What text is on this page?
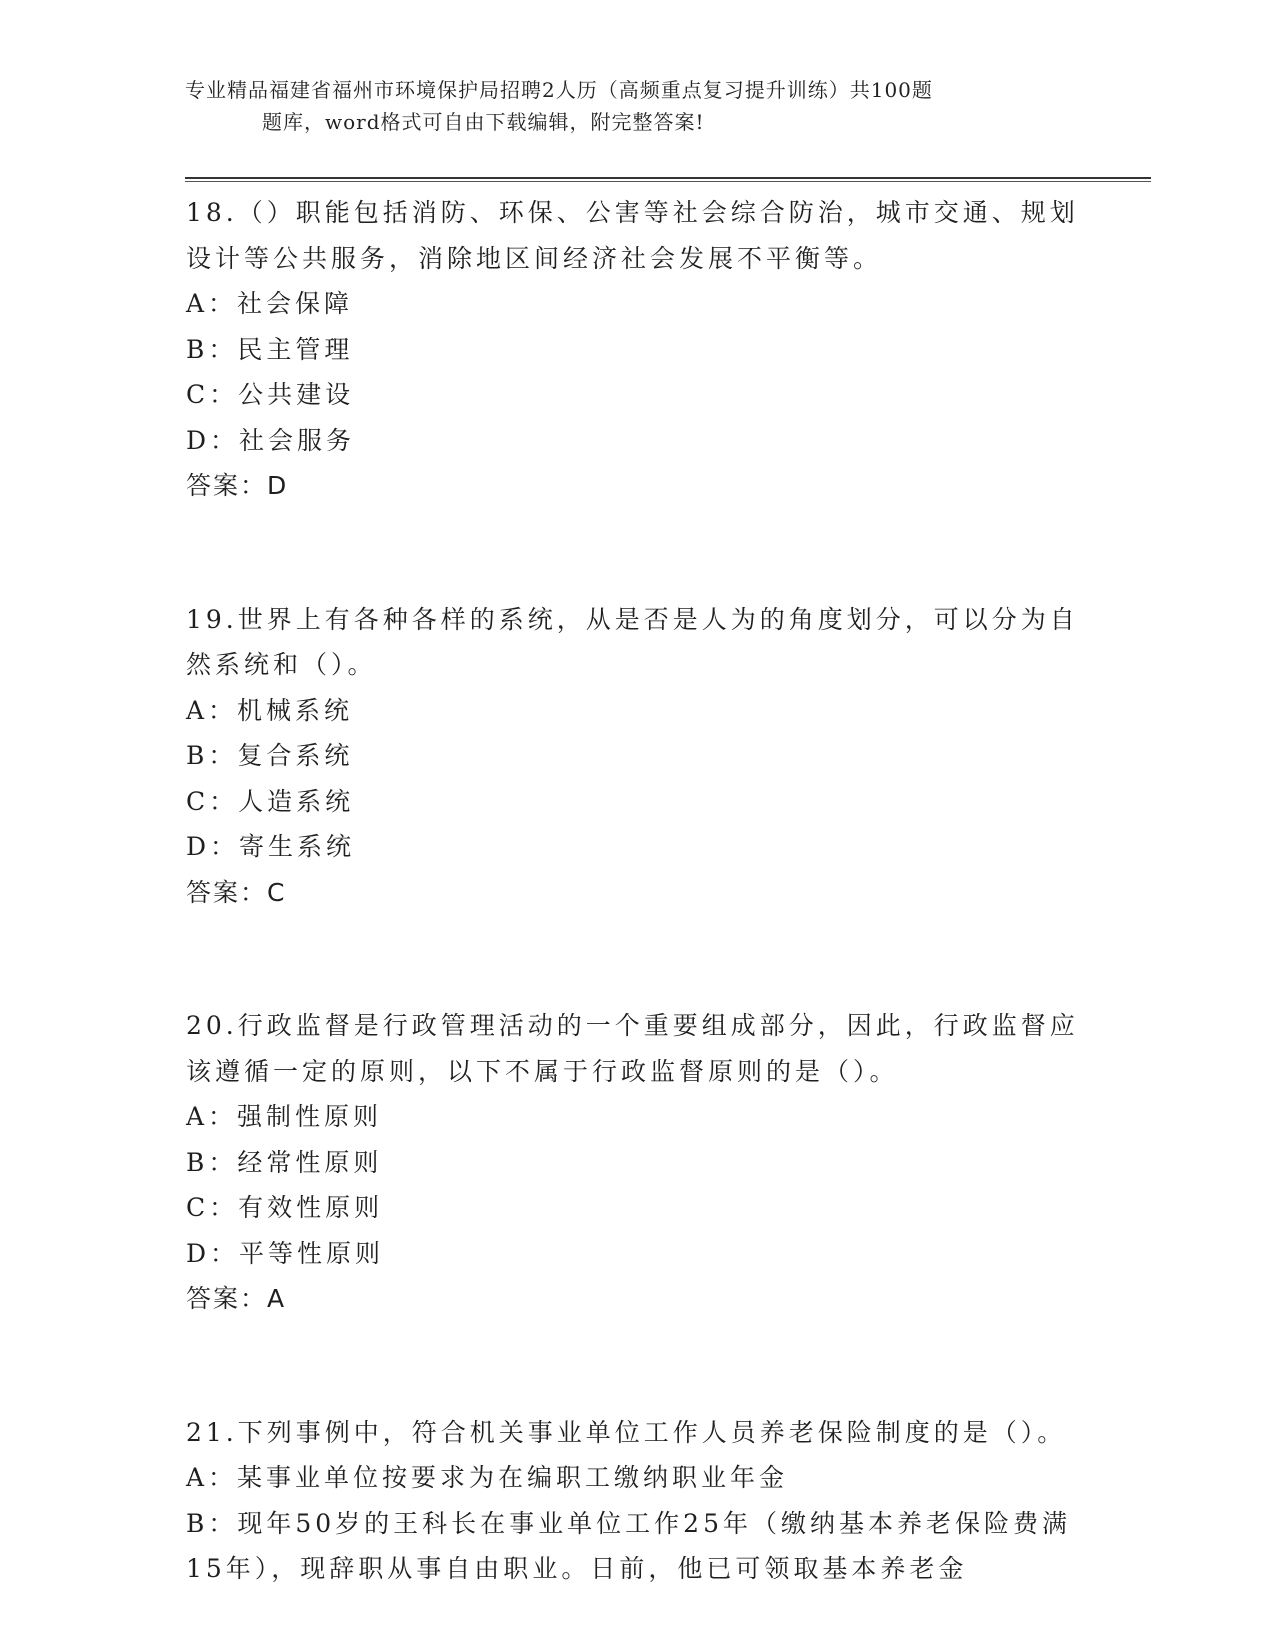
专业精品福建省福州市环境保护局招聘2人历（高频重点复习提升训练）共100题
题库，word格式可自由下载编辑，附完整答案!
18.（）职能包括消防、环保、公害等社会综合防治，城市交通、规划
设计等公共服务，消除地区间经济社会发展不平衡等。
A：社会保障
B：民主管理
C：公共建设
D：社会服务
答案：D
19.世界上有各种各样的系统，从是否是人为的角度划分，可以分为自
然系统和（）。
A：机械系统
B：复合系统
C：人造系统
D：寄生系统
答案：C
20.行政监督是行政管理活动的一个重要组成部分，因此，行政监督应
该遵循一定的原则，以下不属于行政监督原则的是（）。
A：强制性原则
B：经常性原则
C：有效性原则
D：平等性原则
答案：A
21.下列事例中，符合机关事业单位工作人员养老保险制度的是（）。
A：某事业单位按要求为在编职工缴纳职业年金
B：现年50岁的王科长在事业单位工作25年（缴纳基本养老保险费满
15年），现辞职从事自由职业。日前，他已可领取基本养老金
